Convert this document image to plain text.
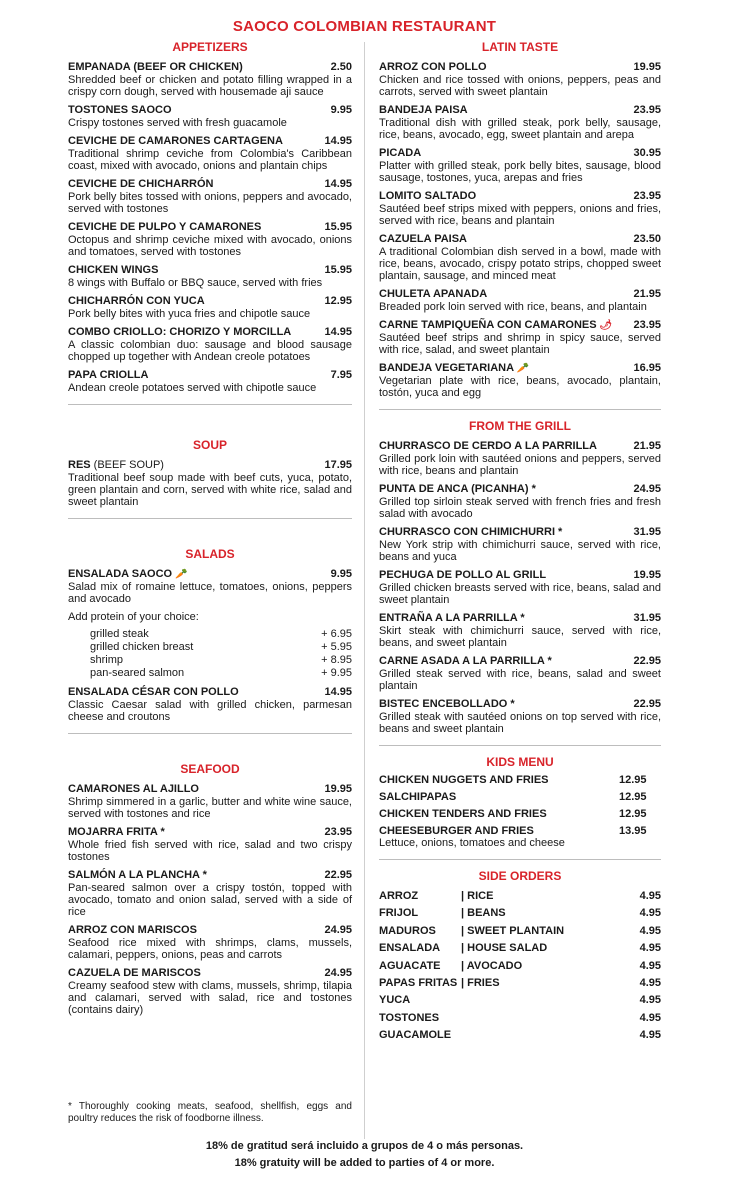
SAOCO COLOMBIAN RESTAURANT
APPETIZERS
EMPANADA (BEEF OR CHICKEN)	2.50
Shredded beef or chicken and potato filling wrapped in a crispy corn dough, served with housemade aji sauce
TOSTONES SAOCO	9.95
Crispy tostones served with fresh guacamole
CEVICHE DE CAMARONES CARTAGENA	14.95
Traditional shrimp ceviche from Colombia's Caribbean coast, mixed with avocado, onions and plantain chips
CEVICHE DE CHICHARRÓN	14.95
Pork belly bites tossed with onions, peppers and avocado, served with tostones
CEVICHE DE PULPO Y CAMARONES	15.95
Octopus and shrimp ceviche mixed with avocado, onions and tomatoes, served with tostones
CHICKEN WINGS	15.95
8 wings with Buffalo or BBQ sauce, served with fries
CHICHARRÓN CON YUCA	12.95
Pork belly bites with yuca fries and chipotle sauce
COMBO CRIOLLO: CHORIZO Y MORCILLA	14.95
A classic colombian duo: sausage and blood sausage chopped up together with Andean creole potatoes
PAPA CRIOLLA	7.95
Andean creole potatoes served with chipotle sauce
SOUP
RES (BEEF SOUP)	17.95
Traditional beef soup made with beef cuts, yuca, potato, green plantain and corn, served with white rice, salad and sweet plantain
SALADS
ENSALADA SAOCO 🥕	9.95
Salad mix of romaine lettuce, tomatoes, onions, peppers and avocado
Add protein of your choice:
grilled steak	+ 6.95
grilled chicken breast	+ 5.95
shrimp	+ 8.95
pan-seared salmon	+ 9.95
ENSALADA CÉSAR CON POLLO	14.95
Classic Caesar salad with grilled chicken, parmesan cheese and croutons
SEAFOOD
CAMARONES AL AJILLO	19.95
Shrimp simmered in a garlic, butter and white wine sauce, served with tostones and rice
MOJARRA FRITA *	23.95
Whole fried fish served with rice, salad and two crispy tostones
SALMÓN A LA PLANCHA *	22.95
Pan-seared salmon over a crispy tostón, topped with avocado, tomato and onion salad, served with a side of rice
ARROZ CON MARISCOS	24.95
Seafood rice mixed with shrimps, clams, mussels, calamari, peppers, onions, peas and carrots
CAZUELA DE MARISCOS	24.95
Creamy seafood stew with clams, mussels, shrimp, tilapia and calamari, served with salad, rice and tostones (contains dairy)
* Thoroughly cooking meats, seafood, shellfish, eggs and poultry reduces the risk of foodborne illness.
LATIN TASTE
ARROZ CON POLLO	19.95
Chicken and rice tossed with onions, peppers, peas and carrots, served with sweet plantain
BANDEJA PAISA	23.95
Traditional dish with grilled steak, pork belly, sausage, rice, beans, avocado, egg, sweet plantain and arepa
PICADA	30.95
Platter with grilled steak, pork belly bites, sausage, blood sausage, tostones, yuca, arepas and fries
LOMITO SALTADO	23.95
Sautéed beef strips mixed with peppers, onions and fries, served with rice, beans and plantain
CAZUELA PAISA	23.50
A traditional Colombian dish served in a bowl, made with rice, beans, avocado, crispy potato strips, chopped sweet plantain, sausage, and minced meat
CHULETA APANADA	21.95
Breaded pork loin served with rice, beans, and plantain
CARNE TAMPIQUEÑA CON CAMARONES 🌶 23.95
Sautéed beef strips and shrimp in spicy sauce, served with rice, salad, and sweet plantain
BANDEJA VEGETARIANA 🥕	16.95
Vegetarian plate with rice, beans, avocado, plantain, tostón, yuca and egg
FROM THE GRILL
CHURRASCO DE CERDO A LA PARRILLA	21.95
Grilled pork loin with sautéed onions and peppers, served with rice, beans and plantain
PUNTA DE ANCA (PICANHA) *	24.95
Grilled top sirloin steak served with french fries and fresh salad with avocado
CHURRASCO CON CHIMICHURRI *	31.95
New York strip with chimichurri sauce, served with rice, beans and yuca
PECHUGA DE POLLO AL GRILL	19.95
Grilled chicken breasts served with rice, beans, salad and sweet plantain
ENTRAÑA A LA PARRILLA *	31.95
Skirt steak with chimichurri sauce, served with rice, beans, and sweet plantain
CARNE ASADA A LA PARRILLA *	22.95
Grilled steak served with rice, beans, salad and sweet plantain
BISTEC ENCEBOLLADO *	22.95
Grilled steak with sautéed onions on top served with rice, beans and sweet plantain
KIDS MENU
CHICKEN NUGGETS AND FRIES	12.95
SALCHIPAPAS	12.95
CHICKEN TENDERS AND FRIES	12.95
CHEESEBURGER AND FRIES	13.95
Lettuce, onions, tomatoes and cheese
SIDE ORDERS
ARROZ	| RICE	4.95
FRIJOL	| BEANS	4.95
MADUROS	| SWEET PLANTAIN	4.95
ENSALADA	| HOUSE SALAD	4.95
AGUACATE	| AVOCADO	4.95
PAPAS FRITAS | FRIES	4.95
YUCA	4.95
TOSTONES	4.95
GUACAMOLE	4.95
18% de gratitud será incluido a grupos de 4 o más personas.
18% gratuity will be added to parties of 4 or more.
